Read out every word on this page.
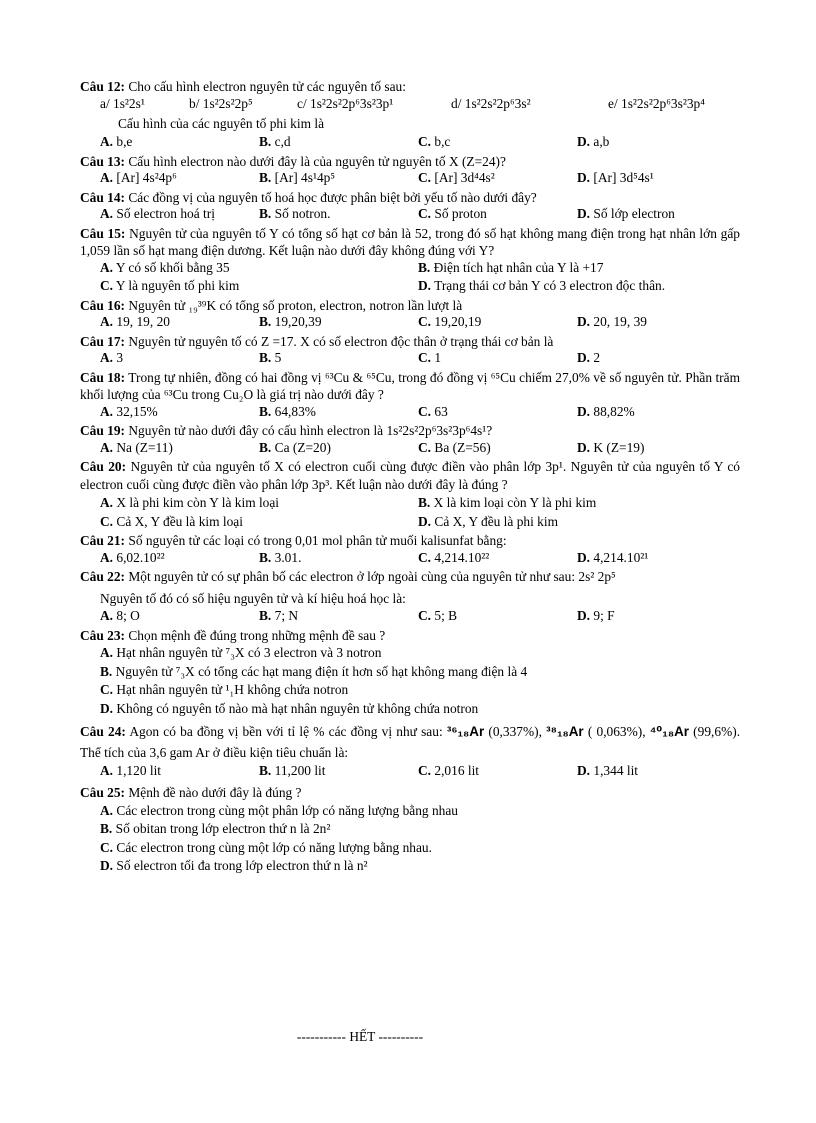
Câu 12: Cho cấu hình electron nguyên tử các nguyên tố sau:
a/ 1s²2s¹	b/ 1s²2s²2p⁵	c/ 1s²2s²2p⁶3s²3p¹	d/ 1s²2s²2p⁶3s²	e/ 1s²2s²2p⁶3s²3p⁴
Cấu hình của các nguyên tố phi kim là
A. b,e	B. c,d	C. b,c	D. a,b
Câu 13: Cấu hình electron nào dưới đây là của nguyên tử nguyên tố X (Z=24)?
A. [Ar] 4s²4p⁶	B. [Ar] 4s¹4p⁵	C. [Ar] 3d⁴4s²	D. [Ar] 3d⁵4s¹
Câu 14: Các đồng vị của nguyên tố hoá học được phân biệt bởi yếu tố nào dưới đây?
A. Số electron hoá trị	B. Số notron.	C. Số proton	D. Số lớp electron
Câu 15: Nguyên tử của nguyên tố Y có tổng số hạt cơ bản là 52, trong đó số hạt không mang điện trong hạt nhân lớn gấp 1,059 lần số hạt mang điện dương. Kết luận nào dưới đây không đúng với Y?
A. Y có số khối bằng 35	B. Điện tích hạt nhân của Y là +17
C. Y là nguyên tố phi kim	D. Trạng thái cơ bản Y có 3 electron độc thân.
Câu 16: Nguyên tử ₁₉³⁹K có tổng số proton, electron, notron lần lượt là
A. 19, 19, 20	B. 19,20,39	C. 19,20,19	D. 20, 19, 39
Câu 17: Nguyên tử nguyên tố có Z =17. X có số electron độc thân ở trạng thái cơ bản là
A. 3	B. 5	C. 1	D. 2
Câu 18: Trong tự nhiên, đồng có hai đồng vị ⁶³Cu & ⁶⁵Cu, trong đó đồng vị ⁶⁵Cu chiếm 27,0% về số nguyên tử. Phần trăm khối lượng của ⁶³Cu trong Cu₂O là giá trị nào dưới đây ?
A. 32,15%	B. 64,83%	C. 63	D. 88,82%
Câu 19: Nguyên tử nào dưới đây có cấu hình electron là 1s²2s²2p⁶3s²3p⁶4s¹?
A. Na (Z=11)	B. Ca (Z=20)	C. Ba (Z=56)	D. K (Z=19)
Câu 20: Nguyên tử của nguyên tố X có electron cuối cùng được điền vào phân lớp 3p¹. Nguyên tử của nguyên tố Y có electron cuối cùng được điền vào phân lớp 3p³. Kết luận nào dưới đây là đúng ?
A. X là phi kim còn Y là kim loại	B. X là kim loại còn Y là phi kim
C. Cả X, Y đều là kim loại	D. Cả X, Y đều là phi kim
Câu 21: Số nguyên tử các loại có trong 0,01 mol phân tử muối kalisunfat bằng:
A. 6,02.10²²	B. 3.01.	C. 4,214.10²²	D. 4,214.10²¹
Câu 22: Một nguyên tử có sự phân bố các electron ở lớp ngoài cùng của nguyên tử như sau: 2s² 2p⁵
Nguyên tố đó có số hiệu nguyên tử và kí hiệu hoá học là:
A. 8; O	B. 7; N	C. 5; B	D. 9; F
Câu 23: Chọn mệnh đề đúng trong những mệnh đề sau ?
A. Hạt nhân nguyên tử ⁷₃X có 3 electron và 3 notron
B. Nguyên tử ⁷₃X có tổng các hạt mang điện ít hơn số hạt không mang điện là 4
C. Hạt nhân nguyên tử ¹₁H không chứa notron
D. Không có nguyên tố nào mà hạt nhân nguyên tử không chứa notron
Câu 24: Agon có ba đồng vị bền với tỉ lệ % các đồng vị như sau: ³⁶₁₈Ar (0,337%), ³⁸₁₈Ar ( 0,063%), ⁴⁰₁₈Ar (99,6%). Thể tích của 3,6 gam Ar ở điều kiện tiêu chuẩn là:
A. 1,120 lit	B. 11,200 lit	C. 2,016 lit	D. 1,344 lit
Câu 25: Mệnh đề nào dưới đây là đúng ?
A. Các electron trong cùng một phân lớp có năng lượng bằng nhau
B. Số obitan trong lớp electron thứ n là 2n²
C. Các electron trong cùng một lớp có năng lượng bằng nhau.
D. Số electron tối đa trong lớp electron thứ n là n²
----------- HẾT ----------
